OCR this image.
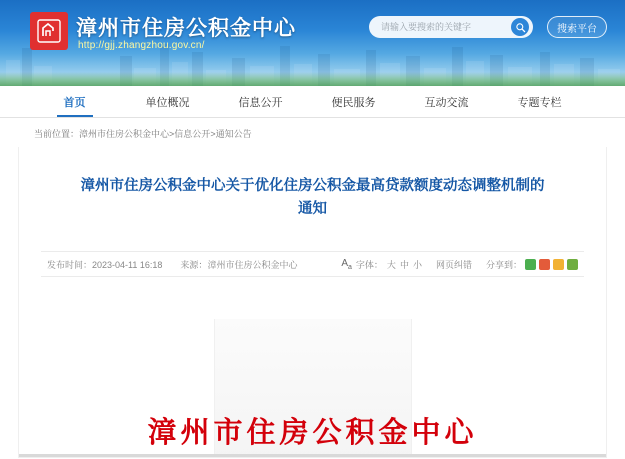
漳州市住房公积金中心
http://gjj.zhangzhou.gov.cn/
请输入要搜索的关键字
搜索平台
首页	单位概况	信息公开	便民服务	互动交流	专题专栏
当前位置：漳州市住房公积金中心>信息公开>通知公告
漳州市住房公积金中心关于优化住房公积金最高贷款额度动态调整机制的通知
发布时间：2023-04-11 16:18 来源：漳州市住房公积金中心	$A_a$ 字体： 大 中 小 网页纠错 分享到：
漳州市住房公积金中心
